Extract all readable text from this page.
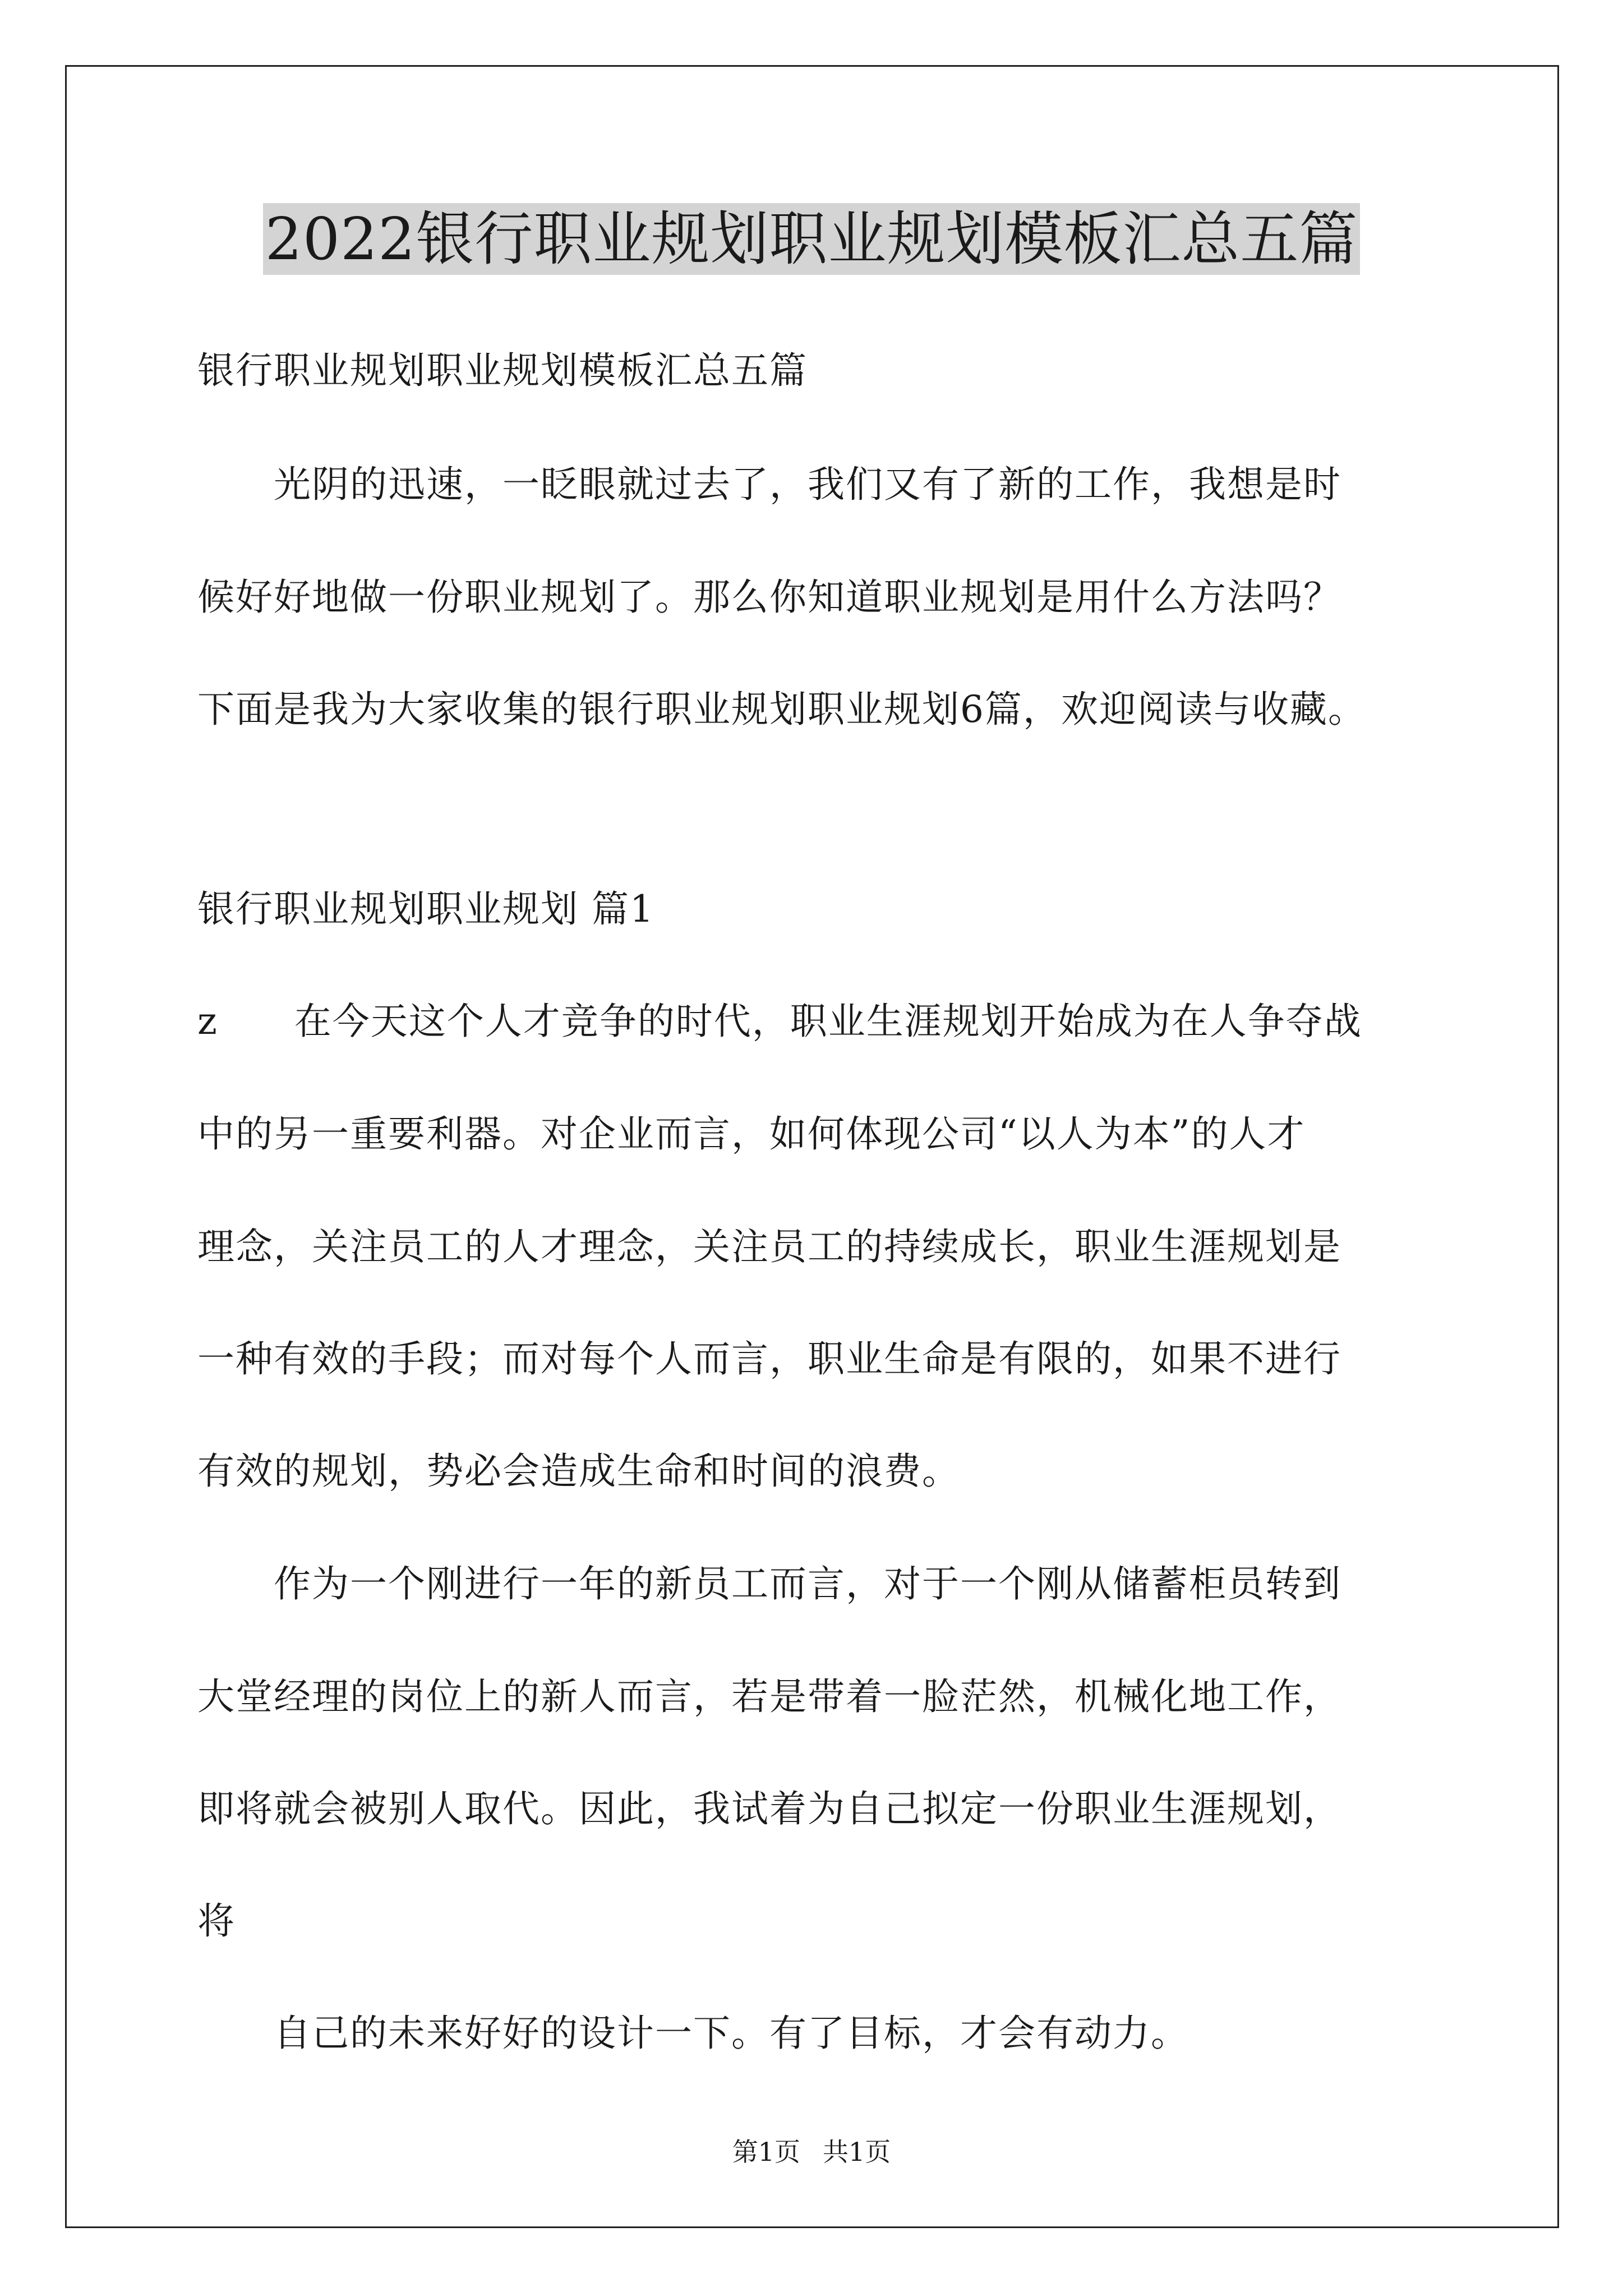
2022银行职业规划职业规划模板汇总五篇
银行职业规划职业规划模板汇总五篇
　　光阴的迅速，一眨眼就过去了，我们又有了新的工作，我想是时
候好好地做一份职业规划了。那么你知道职业规划是用什么方法吗？
下面是我为大家收集的银行职业规划职业规划6篇，欢迎阅读与收藏。
银行职业规划职业规划 篇1
z　　在今天这个人才竞争的时代，职业生涯规划开始成为在人争夺战
中的另一重要利器。对企业而言，如何体现公司“以人为本”的人才
理念，关注员工的人才理念，关注员工的持续成长，职业生涯规划是
一种有效的手段；而对每个人而言，职业生命是有限的，如果不进行
有效的规划，势必会造成生命和时间的浪费。
　　作为一个刚进行一年的新员工而言，对于一个刚从储蓄柜员转到
大堂经理的岗位上的新人而言，若是带着一脸茫然，机械化地工作，
即将就会被别人取代。因此，我试着为自己拟定一份职业生涯规划，
将
　　自己的未来好好的设计一下。有了目标，才会有动力。
第1页 共1页
